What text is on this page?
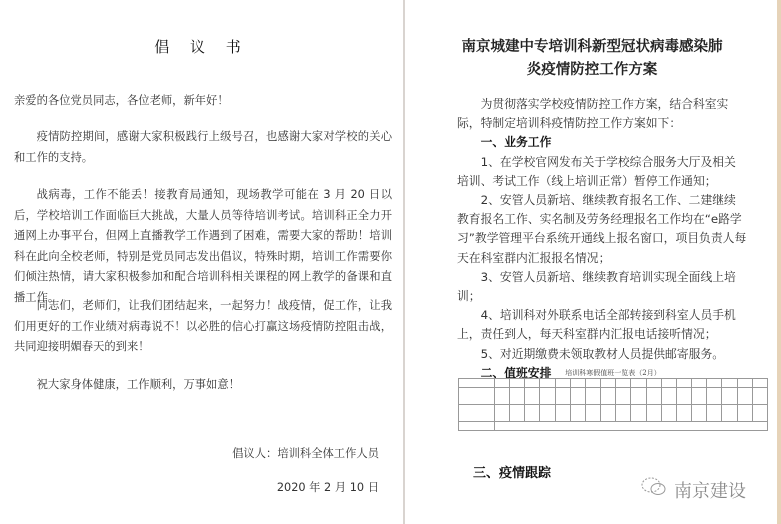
倡 议 书
亲爱的各位党员同志，各位老师，新年好！
疫情防控期间，感谢大家积极践行上级号召，也感谢大家对学校的关心和工作的支持。
战病毒，工作不能丢！接教育局通知，现场教学可能在 3 月 20 日以后，学校培训工作面临巨大挑战，大量人员等待培训考试。培训科正全力开通网上办事平台，但网上直播教学工作遇到了困难，需要大家的帮助！培训科在此向全校老师，特别是党员同志发出倡议，特殊时期，培训工作需要你们倾注热情，请大家积极参加和配合培训科相关课程的网上教学的备课和直播工作。
同志们，老师们，让我们团结起来，一起努力！战疫情，促工作，让我们用更好的工作业绩对病毒说不！以必胜的信心打赢这场疫情防控阻击战，共同迎接明媚春天的到来！
祝大家身体健康，工作顺利，万事如意！
倡议人：培训科全体工作人员
2020 年 2 月 10 日
南京城建中专培训科新型冠状病毒感染肺
炎疫情防控工作方案
为贯彻落实学校疫情防控工作方案，结合科室实际，特制定培训科疫情防控工作方案如下：
一、业务工作
1、在学校官网发布关于学校综合服务大厅及相关培训、考试工作（线上培训正常）暂停工作通知；
2、安管人员新培、继续教育报名工作、二建继续教育报名工作、实名制及劳务经理报名工作均在“e路学习”教学管理平台系统开通线上报名窗口，项目负责人每天在科室群内汇报报名情况；
3、安管人员新培、继续教育培训实现全面线上培训；
4、培训科对外联系电话全部转接到科室人员手机上，责任到人，每天科室群内汇报电话接听情况；
5、对近期缴费未领取教材人员提供邮寄服务。
二、值班安排
三、疫情跟踪
培训科寒假值班一览表（2月）

南京建设
